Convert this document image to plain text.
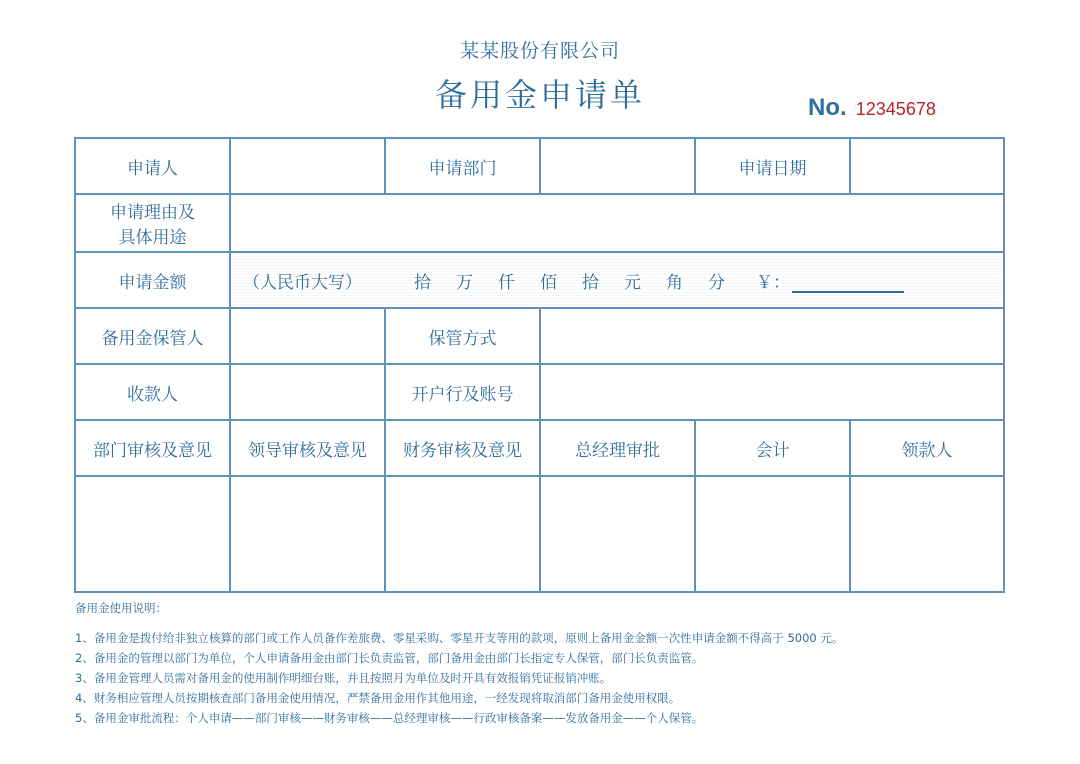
某某股份有限公司
备用金申请单	No. 12345678
申请人		申请部门		申请日期	

申请理由及
具体用途					

申请金额	（人民币大写） 拾 万 仟 佰 拾 元 角 分 ￥：				
备用金保管人		保管方式			
收款人		开户行及账号			
部门审核及意见	领导审核及意见	财务审核及意见	总经理审批	会计	领款人

备用金使用说明：
1、备用金是拨付给非独立核算的部门或工作人员备作差旅费、零星采购、零星开支等用的款项，原则上备用金金额一次性申请金额不得高于 5000 元。
2、备用金的管理以部门为单位，个人申请备用金由部门长负责监管，部门备用金由部门长指定专人保管，部门长负责监管。
3、备用金管理人员需对备用金的使用制作明细台账，并且按照月为单位及时开具有效报销凭证报销冲账。
4、财务相应管理人员按期核查部门备用金使用情况，严禁备用金用作其他用途，一经发现将取消部门备用金使用权限。
5、备用金审批流程：个人申请——部门审核——财务审核——总经理审核——行政审核备案——发放备用金——个人保管。
